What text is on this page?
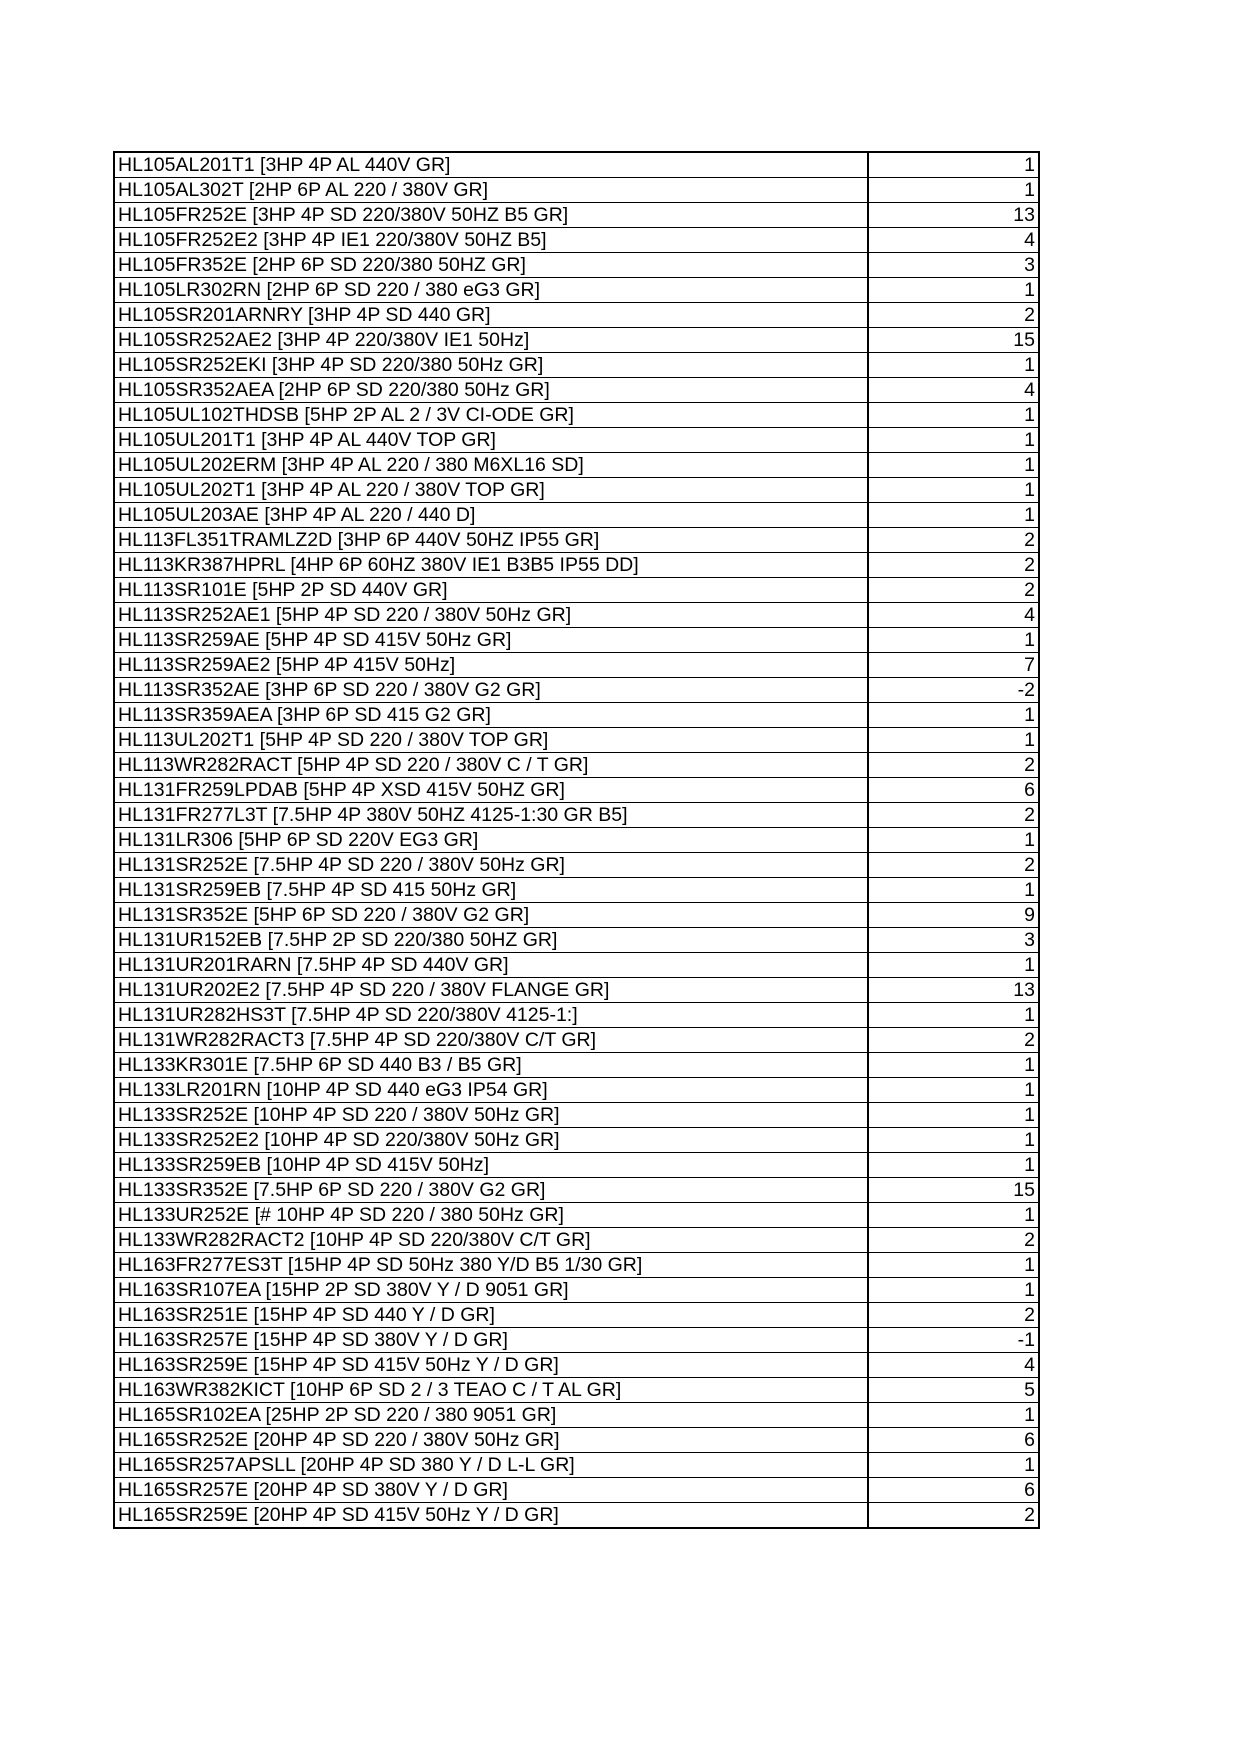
HL105AL201T1 [3HP 4P AL 440V GR]	1
HL105AL302T [2HP 6P AL 220 / 380V GR]	1
HL105FR252E [3HP 4P SD 220/380V 50HZ B5 GR]	13
HL105FR252E2 [3HP 4P IE1 220/380V 50HZ B5]	4
HL105FR352E [2HP 6P SD 220/380 50HZ GR]	3
HL105LR302RN [2HP 6P SD 220 / 380 eG3 GR]	1
HL105SR201ARNRY [3HP 4P SD 440 GR]	2
HL105SR252AE2 [3HP 4P 220/380V IE1 50Hz]	15
HL105SR252EKI [3HP 4P SD 220/380 50Hz GR]	1
HL105SR352AEA [2HP 6P SD 220/380 50Hz GR]	4
HL105UL102THDSB [5HP 2P AL 2 / 3V CI-ODE GR]	1
HL105UL201T1 [3HP 4P AL 440V TOP GR]	1
HL105UL202ERM [3HP 4P AL 220 / 380 M6XL16 SD]	1
HL105UL202T1 [3HP 4P AL 220 / 380V TOP GR]	1
HL105UL203AE [3HP 4P AL 220 / 440 D]	1
HL113FL351TRAMLZ2D [3HP 6P 440V 50HZ IP55 GR]	2
HL113KR387HPRL [4HP 6P 60HZ 380V IE1 B3B5 IP55 DD]	2
HL113SR101E [5HP 2P SD 440V GR]	2
HL113SR252AE1 [5HP 4P SD 220 / 380V 50Hz GR]	4
HL113SR259AE [5HP 4P SD 415V 50Hz GR]	1
HL113SR259AE2 [5HP 4P 415V 50Hz]	7
HL113SR352AE [3HP 6P SD 220 / 380V G2 GR]	-2
HL113SR359AEA [3HP 6P SD 415 G2 GR]	1
HL113UL202T1 [5HP 4P SD 220 / 380V TOP GR]	1
HL113WR282RACT [5HP 4P SD 220 / 380V C / T GR]	2
HL131FR259LPDAB [5HP 4P XSD 415V 50HZ GR]	6
HL131FR277L3T [7.5HP 4P 380V 50HZ 4125-1:30 GR B5]	2
HL131LR306 [5HP 6P SD 220V EG3 GR]	1
HL131SR252E [7.5HP 4P SD 220 / 380V 50Hz GR]	2
HL131SR259EB [7.5HP 4P SD 415 50Hz GR]	1
HL131SR352E [5HP 6P SD 220 / 380V G2 GR]	9
HL131UR152EB [7.5HP 2P SD 220/380 50HZ GR]	3
HL131UR201RARN [7.5HP 4P SD 440V GR]	1
HL131UR202E2 [7.5HP 4P SD 220 / 380V FLANGE GR]	13
HL131UR282HS3T [7.5HP 4P SD 220/380V 4125-1:]	1
HL131WR282RACT3 [7.5HP 4P SD 220/380V C/T GR]	2
HL133KR301E [7.5HP 6P SD 440 B3 / B5 GR]	1
HL133LR201RN [10HP 4P SD 440 eG3 IP54 GR]	1
HL133SR252E [10HP 4P SD 220 / 380V 50Hz GR]	1
HL133SR252E2 [10HP 4P SD 220/380V 50Hz GR]	1
HL133SR259EB [10HP 4P SD 415V 50Hz]	1
HL133SR352E [7.5HP 6P SD 220 / 380V G2 GR]	15
HL133UR252E [# 10HP 4P SD 220 / 380 50Hz GR]	1
HL133WR282RACT2 [10HP 4P SD 220/380V C/T GR]	2
HL163FR277ES3T [15HP 4P SD 50Hz 380 Y/D B5 1/30 GR]	1
HL163SR107EA [15HP 2P SD 380V Y / D 9051 GR]	1
HL163SR251E [15HP 4P SD 440 Y / D GR]	2
HL163SR257E [15HP 4P SD 380V Y / D GR]	-1
HL163SR259E [15HP 4P SD 415V 50Hz Y / D GR]	4
HL163WR382KICT [10HP 6P SD 2 / 3 TEAO C / T AL GR]	5
HL165SR102EA [25HP 2P SD 220 / 380 9051 GR]	1
HL165SR252E [20HP 4P SD 220 / 380V 50Hz GR]	6
HL165SR257APSLL [20HP 4P SD 380 Y / D L-L GR]	1
HL165SR257E [20HP 4P SD 380V Y / D GR]	6
HL165SR259E [20HP 4P SD 415V 50Hz Y / D GR]	2
